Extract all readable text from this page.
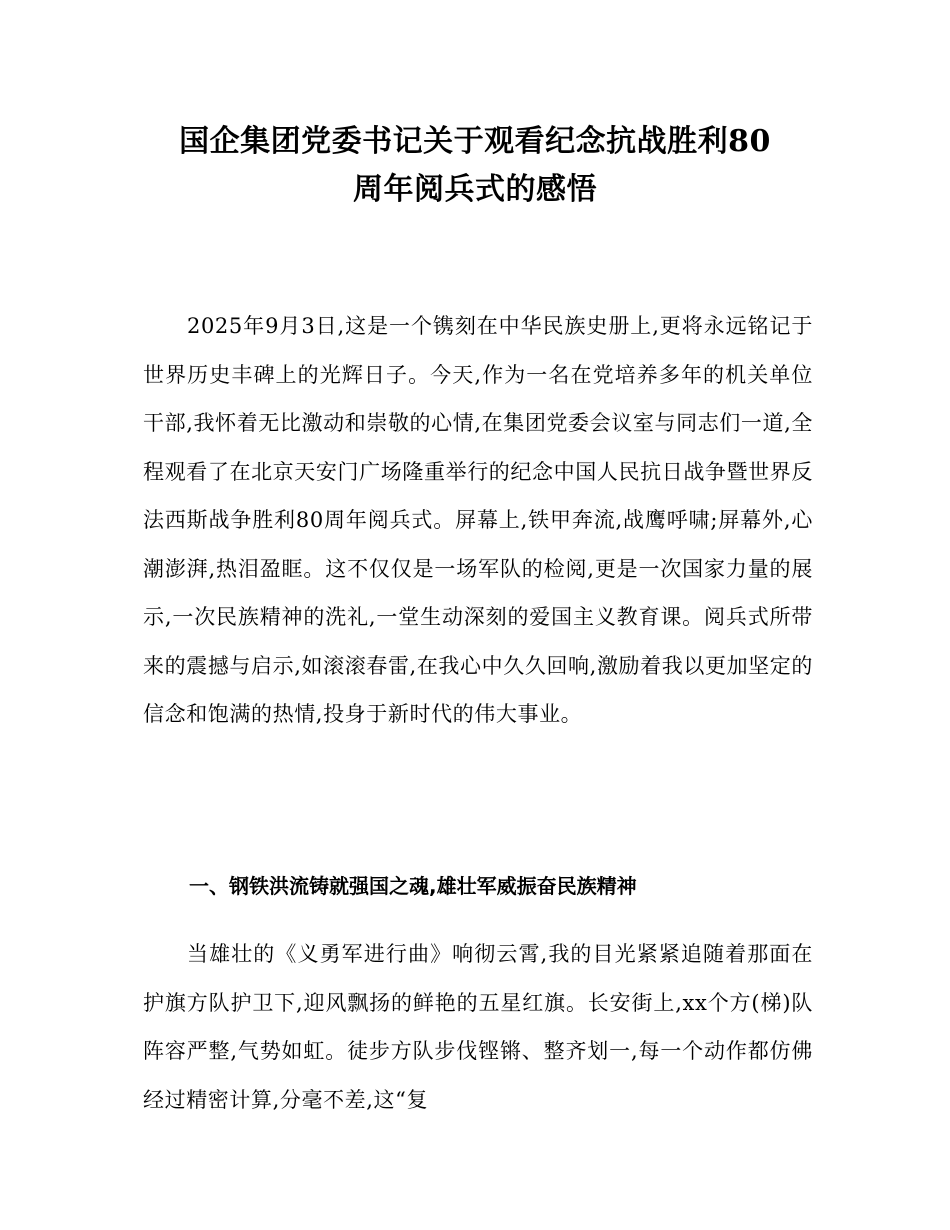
国企集团党委书记关于观看纪念抗战胜利80
周年阅兵式的感悟

2025年9月3日,这是一个镌刻在中华民族史册上,更将永远铭记于世界历史丰碑上的光辉日子。今天,作为一名在党培养多年的机关单位干部,我怀着无比激动和崇敬的心情,在集团党委会议室与同志们一道,全程观看了在北京天安门广场隆重举行的纪念中国人民抗日战争暨世界反法西斯战争胜利80周年阅兵式。屏幕上,铁甲奔流,战鹰呼啸;屏幕外,心潮澎湃,热泪盈眶。这不仅仅是一场军队的检阅,更是一次国家力量的展示,一次民族精神的洗礼,一堂生动深刻的爱国主义教育课。阅兵式所带来的震撼与启示,如滚滚春雷,在我心中久久回响,激励着我以更加坚定的信念和饱满的热情,投身于新时代的伟大事业。

一、钢铁洪流铸就强国之魂,雄壮军威振奋民族精神

当雄壮的《义勇军进行曲》响彻云霄,我的目光紧紧追随着那面在护旗方队护卫下,迎风飘扬的鲜艳的五星红旗。长安街上,xx个方(梯)队阵容严整,气势如虹。徒步方队步伐铿锵、整齐划一,每一个动作都仿佛经过精密计算,分毫不差,这“复
